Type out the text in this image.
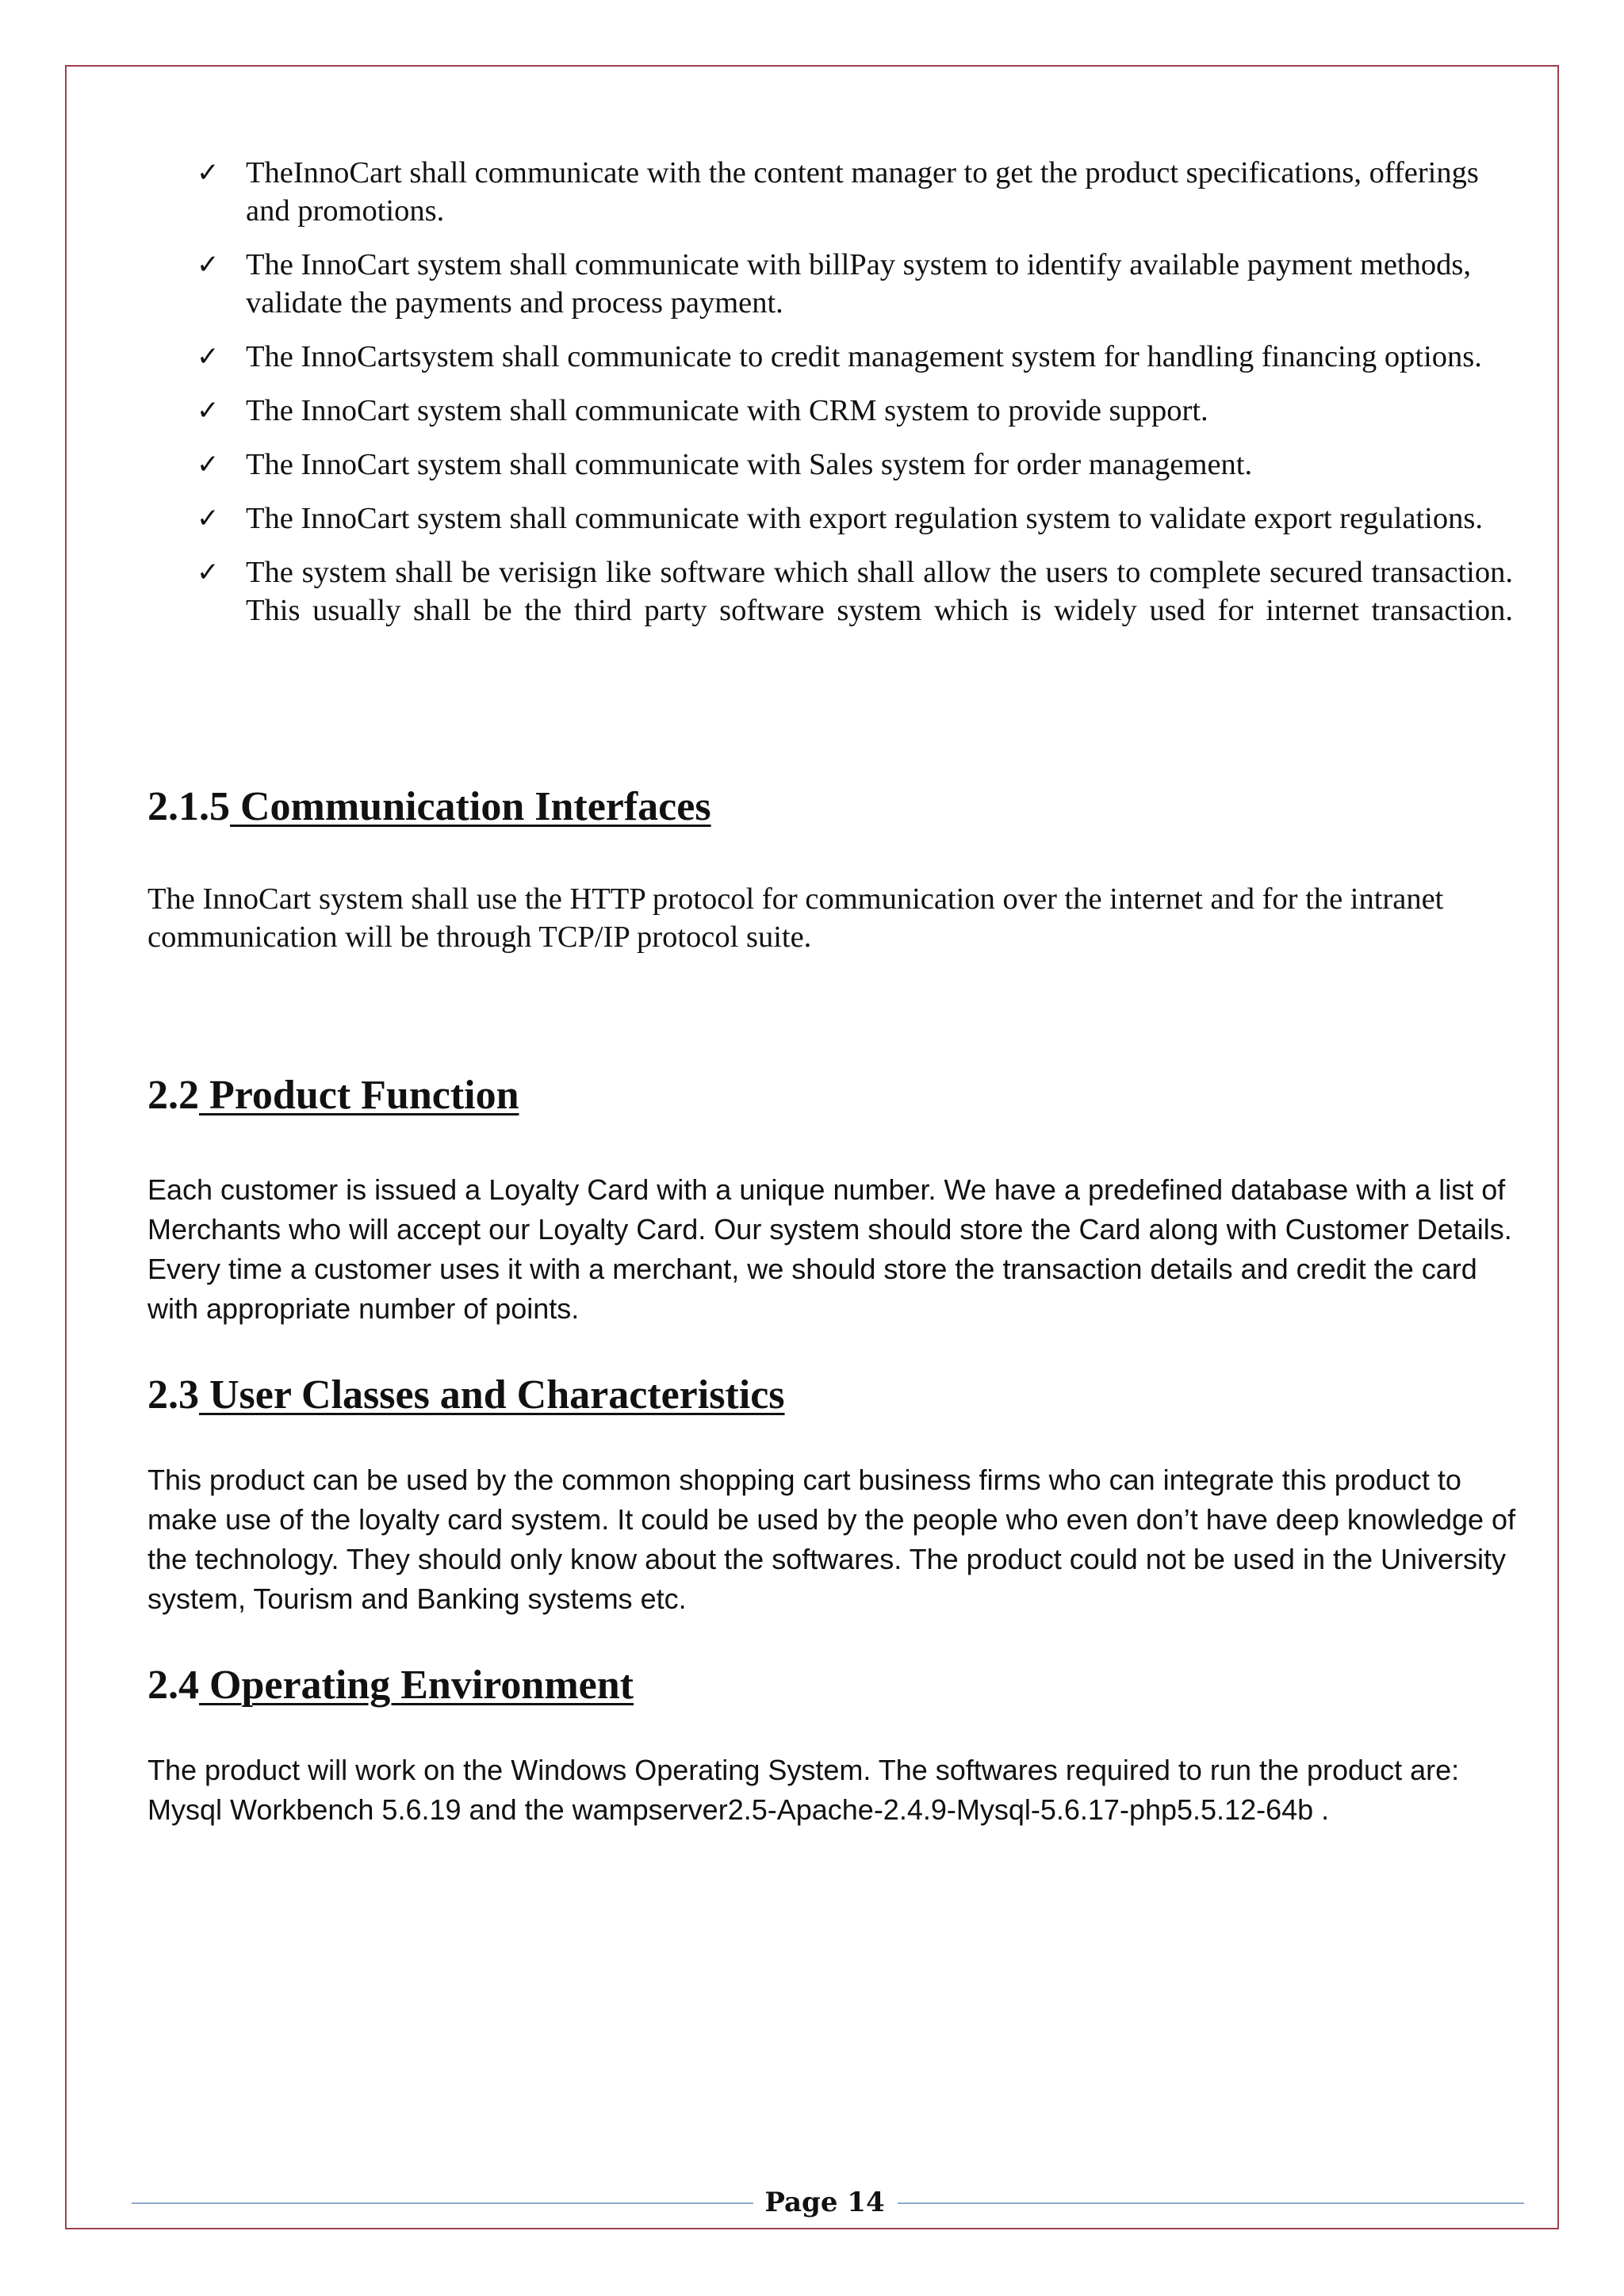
✓ TheInnoCart shall communicate with the content manager to get the product specifications, offerings and promotions.
✓ The InnoCart system shall communicate with billPay system to identify available payment methods, validate the payments and process payment.
✓ The InnoCartsystem shall communicate to credit management system for handling financing options.
✓ The InnoCart system shall communicate with CRM system to provide support.
✓ The InnoCart system shall communicate with Sales system for order management.
✓ The InnoCart system shall communicate with export regulation system to validate export regulations.
✓ The system shall be verisign like software which shall allow the users to complete secured transaction. This usually shall be the third party software system which is widely used for internet transaction.
2.1.5 Communication Interfaces

The InnoCart system shall use the HTTP protocol for communication over the internet and for the intranet communication will be through TCP/IP protocol suite.

2.2 Product Function

Each customer is issued a Loyalty Card with a unique number. We have a predefined database with a list of Merchants who will accept our Loyalty Card. Our system should store the Card along with Customer Details. Every time a customer uses it with a merchant, we should store the transaction details and credit the card with appropriate number of points.

2.3 User Classes and Characteristics

This product can be used by the common shopping cart business firms who can integrate this product to make use of the loyalty card system. It could be used by the people who even don’t have deep knowledge of the technology. They should only know about the softwares. The product could not be used in the University system, Tourism and Banking systems etc.

2.4 Operating Environment

The product will work on the Windows Operating System. The softwares required to run the product are: Mysql Workbench 5.6.19 and the wampserver2.5-Apache-2.4.9-Mysql-5.6.17-php5.5.12-64b .

Page 14
